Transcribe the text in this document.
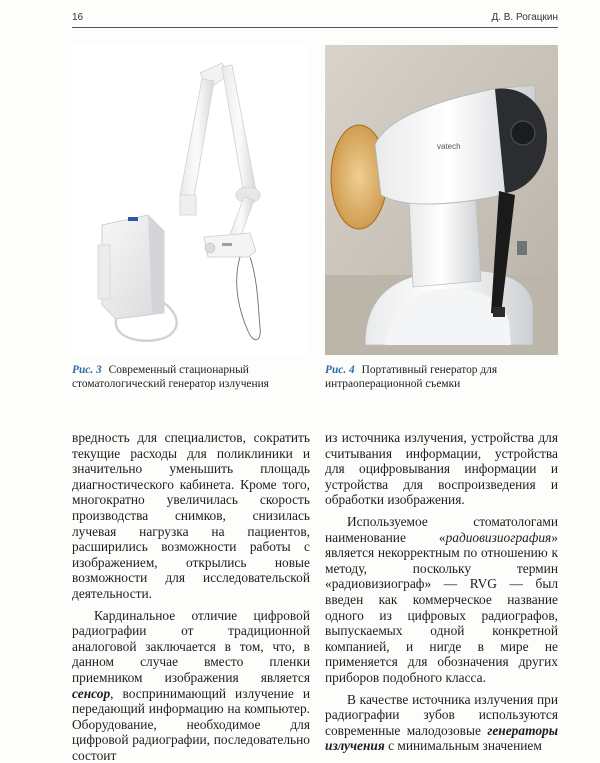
16	Д. В. Рогацкин
vatech
Рис. 3 Современный стационарный стоматологический генератор излучения
Рис. 4 Портативный генератор для интраоперационной съемки

вредность для специалистов, сократить текущие расходы для поликлиники и значительно уменьшить площадь диагностического кабинета. Кроме того, многократно увеличилась скорость производства снимков, снизилась лучевая нагрузка на пациентов, расширились возможности работы с изображением, открылись новые возможности для исследовательской деятельности.

Кардинальное отличие цифровой радиографии от традиционной аналоговой заключается в том, что, в данном случае вместо пленки приемником изображения является сенсор, воспринимающий излучение и передающий информацию на компьютер. Оборудование, необходимое для цифровой радиографии, последовательно состоит

из источника излучения, устройства для считывания информации, устройства для оцифровывания информации и устройства для воспроизведения и обработки изображения.

Используемое стоматологами наименование «радиовизиография» является некорректным по отношению к методу, поскольку термин «радиовизиограф» — RVG — был введен как коммерческое название одного из цифровых радиографов, выпускаемых одной конкретной компанией, и нигде в мире не применяется для обозначения других приборов подобного класса.

В качестве источника излучения при радиографии зубов используются современные малодозовые генераторы излучения с минимальным значением
